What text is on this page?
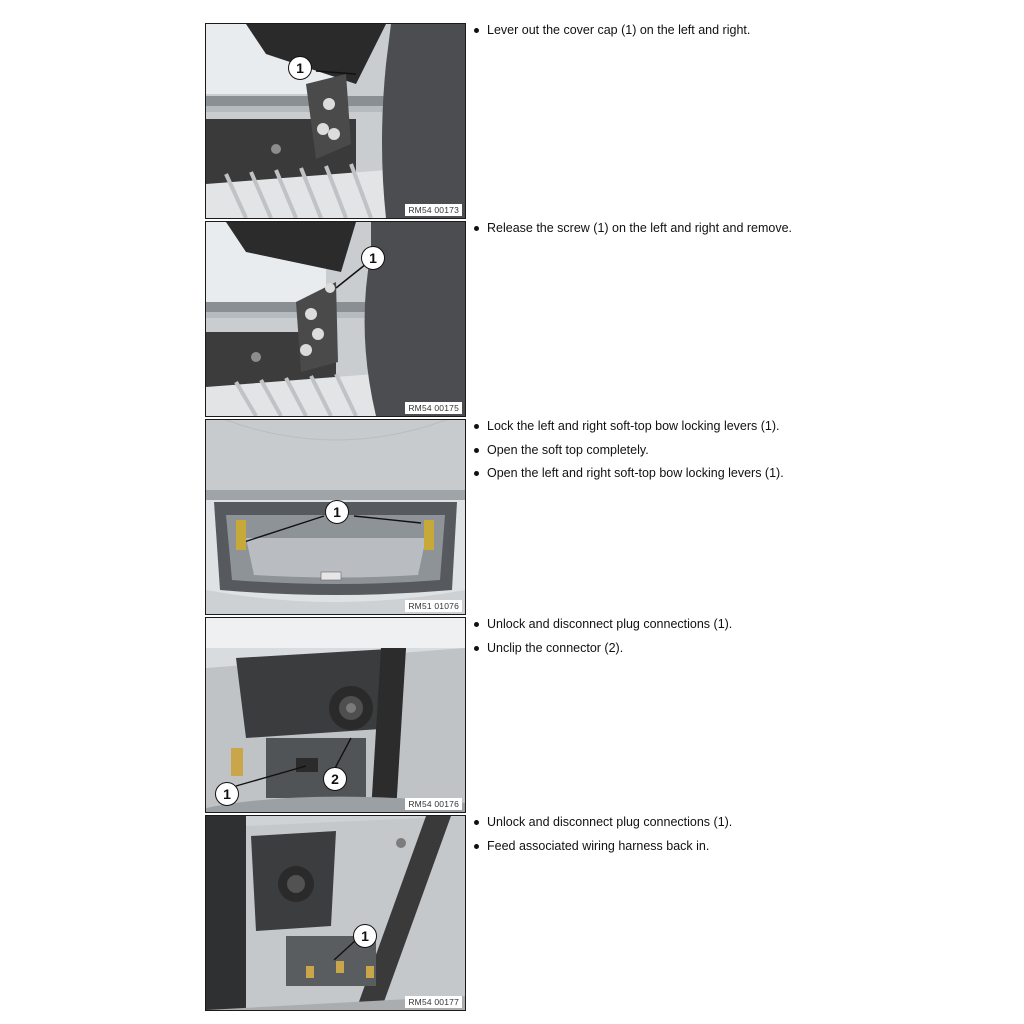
1
RM54 00173
Lever out the cover cap (1) on the left and right.
1
RM54 00175
Release the screw (1) on the left and right and remove.
1
RM51 01076
Lock the left and right soft-top bow locking levers (1).
Open the soft top completely.
Open the left and right soft-top bow locking levers (1).
1
2
RM54 00176
Unlock and disconnect plug connections (1).
Unclip the connector (2).
1
RM54 00177
Unlock and disconnect plug connections (1).
Feed associated wiring harness back in.
